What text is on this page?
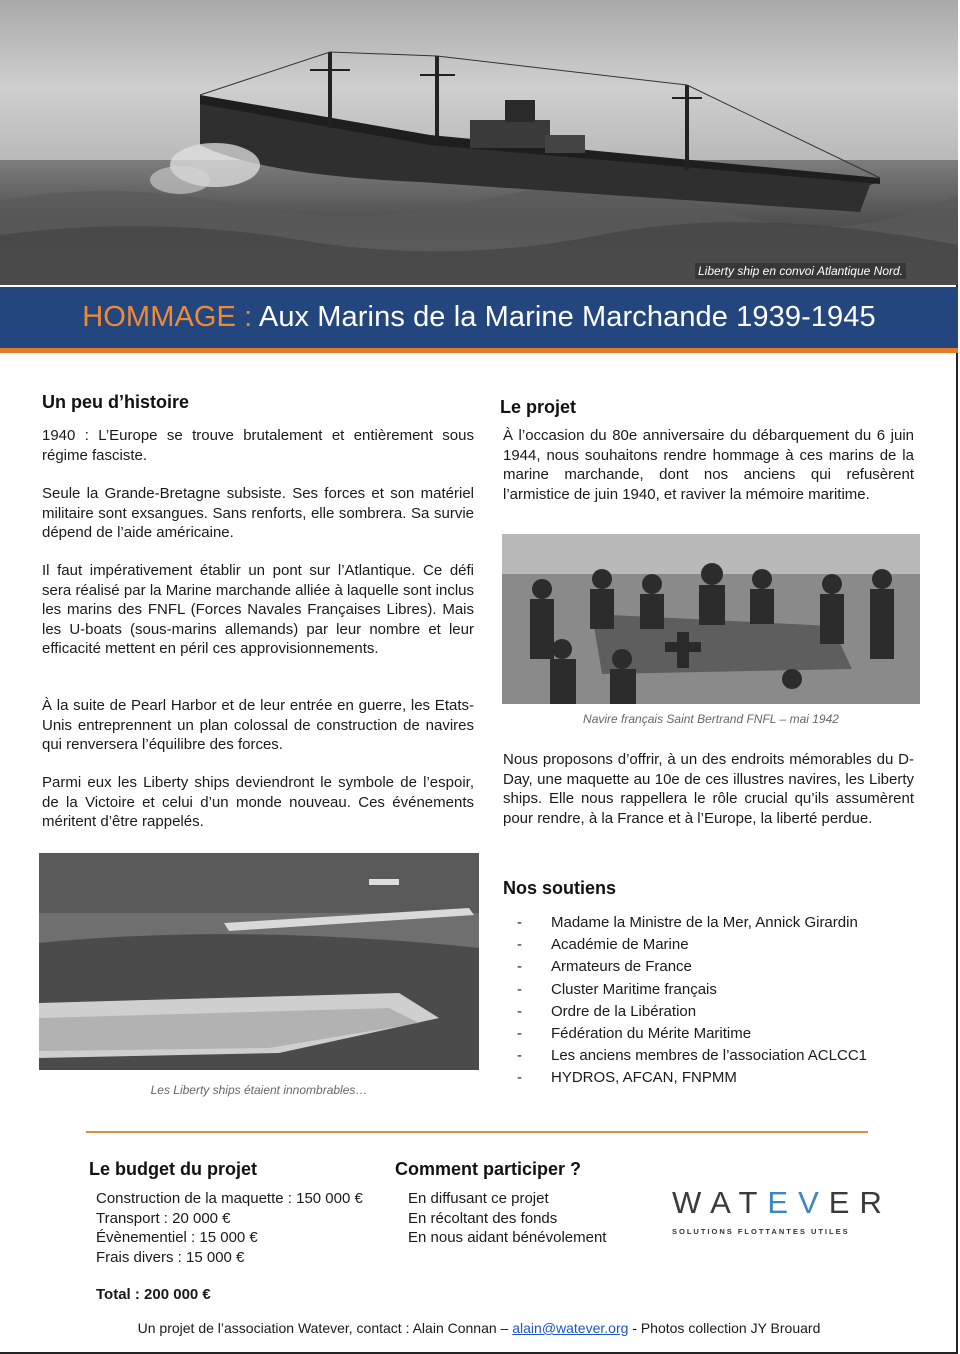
Liberty ship en convoi Atlantique Nord.
HOMMAGE : Aux Marins de la Marine Marchande 1939-1945
Un peu d’histoire

1940 : L’Europe se trouve brutalement et entièrement sous régime fasciste.

Seule la Grande-Bretagne subsiste. Ses forces et son matériel militaire sont exsangues. Sans renforts, elle sombrera. Sa survie dépend de l’aide américaine.

Il faut impérativement établir un pont sur l’Atlantique. Ce défi sera réalisé par la Marine marchande alliée à laquelle sont inclus les marins des FNFL (Forces Navales Françaises Libres). Mais les U-boats (sous-marins allemands) par leur nombre et leur efficacité mettent en péril ces approvisionnements.

À la suite de Pearl Harbor et de leur entrée en guerre, les Etats-Unis entreprennent un plan colossal de construction de navires qui renversera l’équilibre des forces.

Parmi eux les Liberty ships deviendront le symbole de l’espoir, de la Victoire et celui d’un monde nouveau. Ces événements méritent d’être rappelés.

Les Liberty ships étaient innombrables…
Le projet

À l’occasion du 80e anniversaire du débarquement du 6 juin 1944, nous souhaitons rendre hommage à ces marins de la marine marchande, dont nos anciens qui refusèrent l’armistice de juin 1940, et raviver la mémoire maritime.

Navire français Saint Bertrand FNFL – mai 1942

Nous proposons d’offrir, à un des endroits mémorables du D-Day, une maquette au 10e de ces illustres navires, les Liberty ships. Elle nous rappellera le rôle crucial qu’ils assumèrent pour rendre, à la France et à l’Europe, la liberté perdue.

Nos soutiens
- Madame la Ministre de la Mer, Annick Girardin
- Académie de Marine
- Armateurs de France
- Cluster Maritime français
- Ordre de la Libération
- Fédération du Mérite Maritime
- Les anciens membres de l’association ACLCC1
- HYDROS, AFCAN, FNPMM
Le budget du projet
Construction de la maquette : 150 000 €
Transport : 20 000 €
Évènementiel : 15 000 €
Frais divers : 15 000 €
Total : 200 000 €
Comment participer ?
En diffusant ce projet
En récoltant des fonds
En nous aidant bénévolement
WATEVER
SOLUTIONS FLOTTANTES UTILES
Un projet de l’association Watever, contact : Alain Connan – alain@watever.org - Photos collection JY Brouard
